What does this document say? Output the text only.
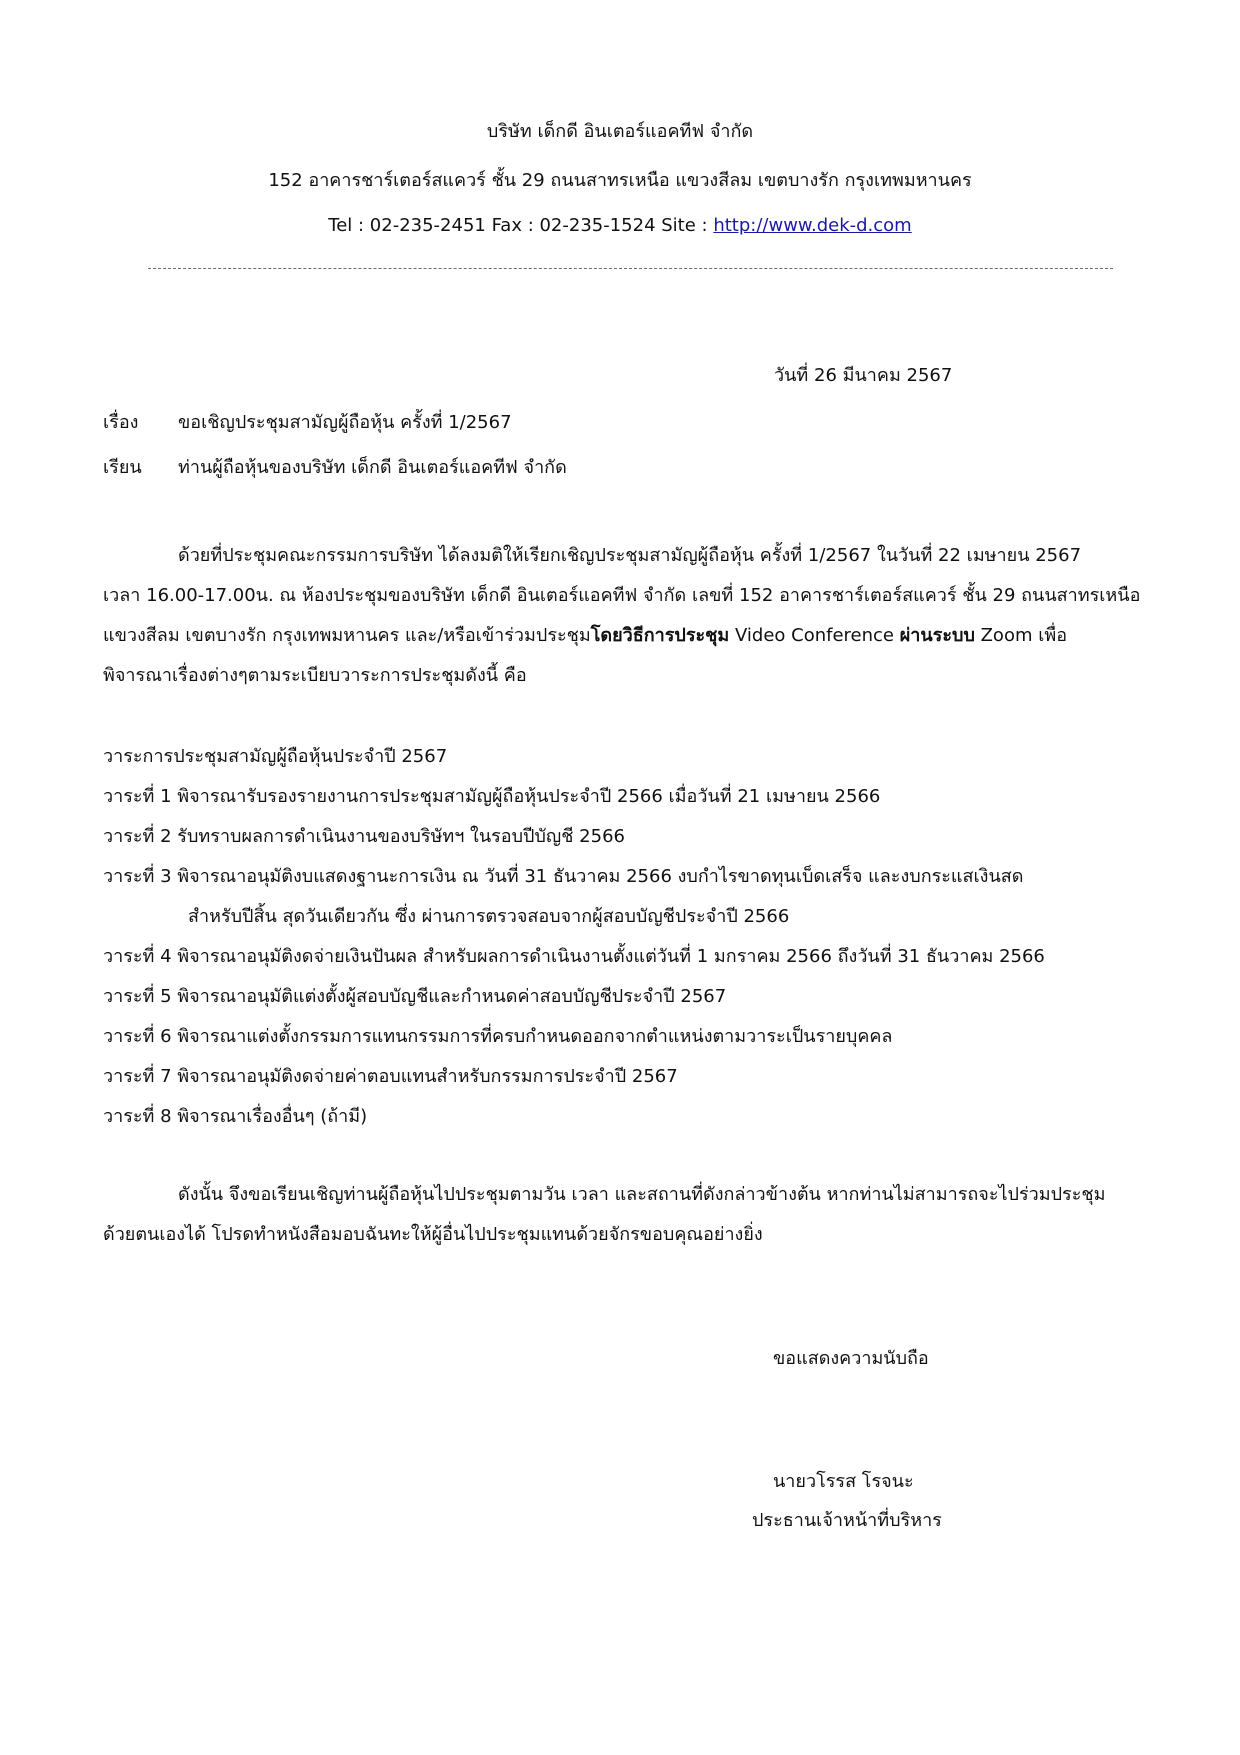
บริษัท เด็กดี อินเตอร์แอคทีฟ จำกัด
152 อาคารชาร์เตอร์สแควร์ ชั้น 29 ถนนสาทรเหนือ แขวงสีลม เขตบางรัก กรุงเทพมหานคร
Tel : 02-235-2451 Fax : 02-235-1524 Site : http://www.dek-d.com
วันที่ 26 มีนาคม 2567
เรื่อง ขอเชิญประชุมสามัญผู้ถือหุ้น ครั้งที่ 1/2567
เรียน ท่านผู้ถือหุ้นของบริษัท เด็กดี อินเตอร์แอคทีฟ จำกัด
ด้วยที่ประชุมคณะกรรมการบริษัท ได้ลงมติให้เรียกเชิญประชุมสามัญผู้ถือหุ้น ครั้งที่ 1/2567 ในวันที่ 22 เมษายน 2567
เวลา 16.00-17.00น. ณ ห้องประชุมของบริษัท เด็กดี อินเตอร์แอคทีฟ จำกัด เลขที่ 152 อาคารชาร์เตอร์สแควร์ ชั้น 29 ถนนสาทรเหนือ
แขวงสีลม เขตบางรัก กรุงเทพมหานคร และ/หรือเข้าร่วมประชุมโดยวิธีการประชุม Video Conference ผ่านระบบ Zoom เพื่อ
พิจารณาเรื่องต่างๆตามระเบียบวาระการประชุมดังนี้ คือ
วาระการประชุมสามัญผู้ถือหุ้นประจำปี 2567
วาระที่ 1 พิจารณารับรองรายงานการประชุมสามัญผู้ถือหุ้นประจำปี 2566 เมื่อวันที่ 21 เมษายน 2566
วาระที่ 2 รับทราบผลการดำเนินงานของบริษัทฯ ในรอบปีบัญชี 2566
วาระที่ 3 พิจารณาอนุมัติงบแสดงฐานะการเงิน ณ วันที่ 31 ธันวาคม 2566 งบกำไรขาดทุนเบ็ดเสร็จ และงบกระแสเงินสด
สำหรับปีสิ้น สุดวันเดียวกัน ซึ่ง ผ่านการตรวจสอบจากผู้สอบบัญชีประจำปี 2566
วาระที่ 4 พิจารณาอนุมัติงดจ่ายเงินปันผล สำหรับผลการดำเนินงานตั้งแต่วันที่ 1 มกราคม 2566 ถึงวันที่ 31 ธันวาคม 2566
วาระที่ 5 พิจารณาอนุมัติแต่งตั้งผู้สอบบัญชีและกำหนดค่าสอบบัญชีประจำปี 2567
วาระที่ 6 พิจารณาแต่งตั้งกรรมการแทนกรรมการที่ครบกำหนดออกจากตำแหน่งตามวาระเป็นรายบุคคล
วาระที่ 7 พิจารณาอนุมัติงดจ่ายค่าตอบแทนสำหรับกรรมการประจำปี 2567
วาระที่ 8 พิจารณาเรื่องอื่นๆ (ถ้ามี)
ดังนั้น จึงขอเรียนเชิญท่านผู้ถือหุ้นไปประชุมตามวัน เวลา และสถานที่ดังกล่าวข้างต้น หากท่านไม่สามารถจะไปร่วมประชุม
ด้วยตนเองได้ โปรดทำหนังสือมอบฉันทะให้ผู้อื่นไปประชุมแทนด้วยจักรขอบคุณอย่างยิ่ง
ขอแสดงความนับถือ
นายวโรรส โรจนะ
ประธานเจ้าหน้าที่บริหาร
